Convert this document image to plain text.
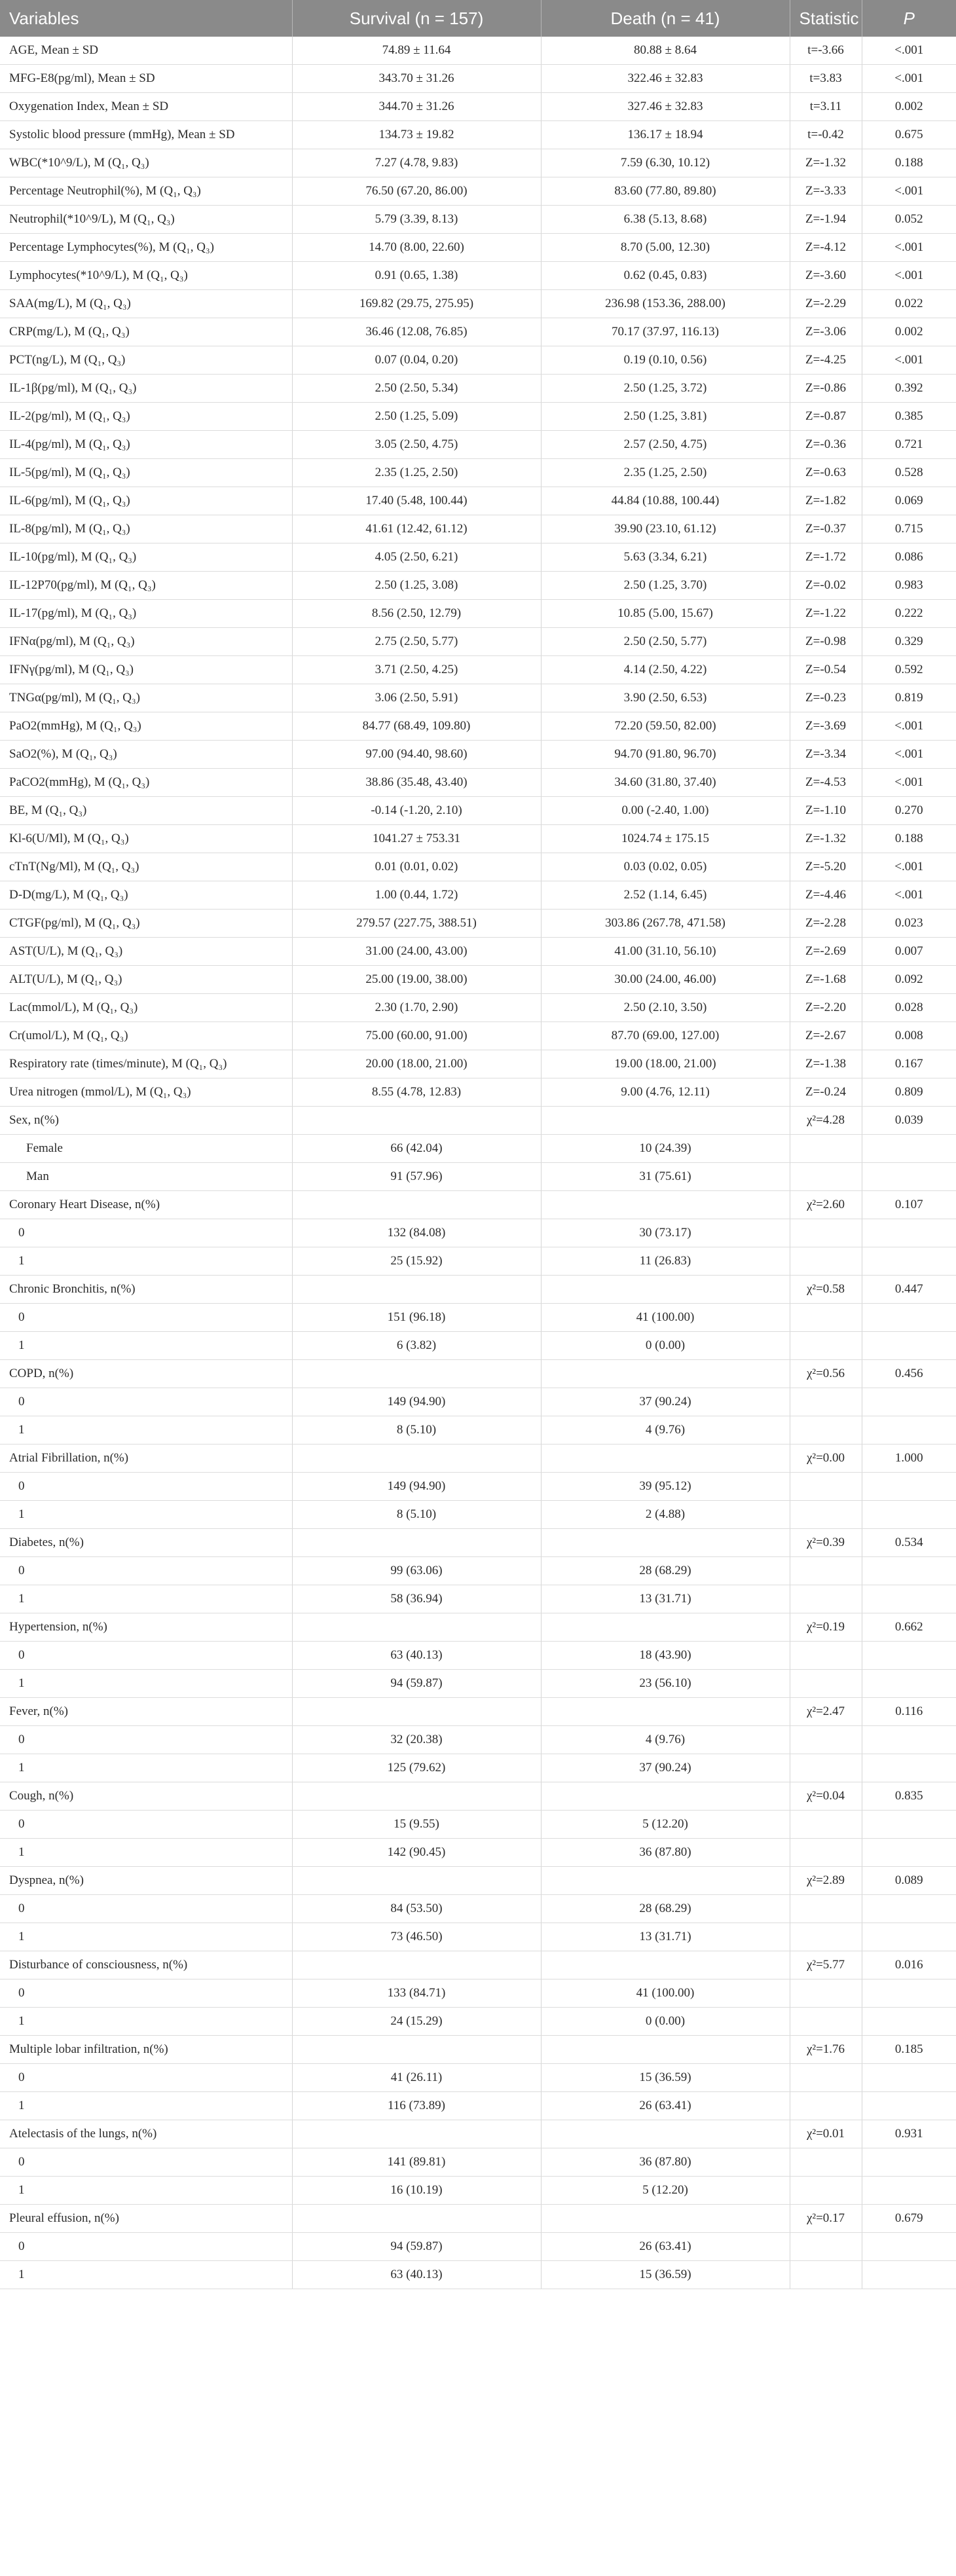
Variables	Survival (n = 157)	Death (n = 41)	Statistic	P
AGE, Mean ± SD	74.89 ± 11.64	80.88 ± 8.64	t=-3.66	<.001
MFG-E8(pg/ml), Mean ± SD	343.70 ± 31.26	322.46 ± 32.83	t=3.83	<.001
Oxygenation Index, Mean ± SD	344.70 ± 31.26	327.46 ± 32.83	t=3.11	0.002
Systolic blood pressure (mmHg), Mean ± SD	134.73 ± 19.82	136.17 ± 18.94	t=-0.42	0.675
WBC(*10^9/L), M (Q₁, Q₃)	7.27 (4.78, 9.83)	7.59 (6.30, 10.12)	Z=-1.32	0.188
Percentage Neutrophil(%), M (Q₁, Q₃)	76.50 (67.20, 86.00)	83.60 (77.80, 89.80)	Z=-3.33	<.001
Neutrophil(*10^9/L), M (Q₁, Q₃)	5.79 (3.39, 8.13)	6.38 (5.13, 8.68)	Z=-1.94	0.052
Percentage Lymphocytes(%), M (Q₁, Q₃)	14.70 (8.00, 22.60)	8.70 (5.00, 12.30)	Z=-4.12	<.001
Lymphocytes(*10^9/L), M (Q₁, Q₃)	0.91 (0.65, 1.38)	0.62 (0.45, 0.83)	Z=-3.60	<.001
SAA(mg/L), M (Q₁, Q₃)	169.82 (29.75, 275.95)	236.98 (153.36, 288.00)	Z=-2.29	0.022
CRP(mg/L), M (Q₁, Q₃)	36.46 (12.08, 76.85)	70.17 (37.97, 116.13)	Z=-3.06	0.002
PCT(ng/L), M (Q₁, Q₃)	0.07 (0.04, 0.20)	0.19 (0.10, 0.56)	Z=-4.25	<.001
IL-1β(pg/ml), M (Q₁, Q₃)	2.50 (2.50, 5.34)	2.50 (1.25, 3.72)	Z=-0.86	0.392
IL-2(pg/ml), M (Q₁, Q₃)	2.50 (1.25, 5.09)	2.50 (1.25, 3.81)	Z=-0.87	0.385
IL-4(pg/ml), M (Q₁, Q₃)	3.05 (2.50, 4.75)	2.57 (2.50, 4.75)	Z=-0.36	0.721
IL-5(pg/ml), M (Q₁, Q₃)	2.35 (1.25, 2.50)	2.35 (1.25, 2.50)	Z=-0.63	0.528
IL-6(pg/ml), M (Q₁, Q₃)	17.40 (5.48, 100.44)	44.84 (10.88, 100.44)	Z=-1.82	0.069
IL-8(pg/ml), M (Q₁, Q₃)	41.61 (12.42, 61.12)	39.90 (23.10, 61.12)	Z=-0.37	0.715
IL-10(pg/ml), M (Q₁, Q₃)	4.05 (2.50, 6.21)	5.63 (3.34, 6.21)	Z=-1.72	0.086
IL-12P70(pg/ml), M (Q₁, Q₃)	2.50 (1.25, 3.08)	2.50 (1.25, 3.70)	Z=-0.02	0.983
IL-17(pg/ml), M (Q₁, Q₃)	8.56 (2.50, 12.79)	10.85 (5.00, 15.67)	Z=-1.22	0.222
IFNα(pg/ml), M (Q₁, Q₃)	2.75 (2.50, 5.77)	2.50 (2.50, 5.77)	Z=-0.98	0.329
IFNγ(pg/ml), M (Q₁, Q₃)	3.71 (2.50, 4.25)	4.14 (2.50, 4.22)	Z=-0.54	0.592
TNGα(pg/ml), M (Q₁, Q₃)	3.06 (2.50, 5.91)	3.90 (2.50, 6.53)	Z=-0.23	0.819
PaO2(mmHg), M (Q₁, Q₃)	84.77 (68.49, 109.80)	72.20 (59.50, 82.00)	Z=-3.69	<.001
SaO2(%), M (Q₁, Q₃)	97.00 (94.40, 98.60)	94.70 (91.80, 96.70)	Z=-3.34	<.001
PaCO2(mmHg), M (Q₁, Q₃)	38.86 (35.48, 43.40)	34.60 (31.80, 37.40)	Z=-4.53	<.001
BE, M (Q₁, Q₃)	-0.14 (-1.20, 2.10)	0.00 (-2.40, 1.00)	Z=-1.10	0.270
Kl-6(U/Ml), M (Q₁, Q₃)	1041.27 ± 753.31	1024.74 ± 175.15	Z=-1.32	0.188
cTnT(Ng/Ml), M (Q₁, Q₃)	0.01 (0.01, 0.02)	0.03 (0.02, 0.05)	Z=-5.20	<.001
D-D(mg/L), M (Q₁, Q₃)	1.00 (0.44, 1.72)	2.52 (1.14, 6.45)	Z=-4.46	<.001
CTGF(pg/ml), M (Q₁, Q₃)	279.57 (227.75, 388.51)	303.86 (267.78, 471.58)	Z=-2.28	0.023
AST(U/L), M (Q₁, Q₃)	31.00 (24.00, 43.00)	41.00 (31.10, 56.10)	Z=-2.69	0.007
ALT(U/L), M (Q₁, Q₃)	25.00 (19.00, 38.00)	30.00 (24.00, 46.00)	Z=-1.68	0.092
Lac(mmol/L), M (Q₁, Q₃)	2.30 (1.70, 2.90)	2.50 (2.10, 3.50)	Z=-2.20	0.028
Cr(umol/L), M (Q₁, Q₃)	75.00 (60.00, 91.00)	87.70 (69.00, 127.00)	Z=-2.67	0.008
Respiratory rate (times/minute), M (Q₁, Q₃)	20.00 (18.00, 21.00)	19.00 (18.00, 21.00)	Z=-1.38	0.167
Urea nitrogen (mmol/L), M (Q₁, Q₃)	8.55 (4.78, 12.83)	9.00 (4.76, 12.11)	Z=-0.24	0.809
Sex, n(%)			χ²=4.28	0.039
Female	66 (42.04)	10 (24.39)		
Man	91 (57.96)	31 (75.61)		
Coronary Heart Disease, n(%)			χ²=2.60	0.107
0	132 (84.08)	30 (73.17)		
1	25 (15.92)	11 (26.83)		
Chronic Bronchitis, n(%)			χ²=0.58	0.447
0	151 (96.18)	41 (100.00)		
1	6 (3.82)	0 (0.00)		
COPD, n(%)			χ²=0.56	0.456
0	149 (94.90)	37 (90.24)		
1	8 (5.10)	4 (9.76)		
Atrial Fibrillation, n(%)			χ²=0.00	1.000
0	149 (94.90)	39 (95.12)		
1	8 (5.10)	2 (4.88)		
Diabetes, n(%)			χ²=0.39	0.534
0	99 (63.06)	28 (68.29)		
1	58 (36.94)	13 (31.71)		
Hypertension, n(%)			χ²=0.19	0.662
0	63 (40.13)	18 (43.90)		
1	94 (59.87)	23 (56.10)		
Fever, n(%)			χ²=2.47	0.116
0	32 (20.38)	4 (9.76)		
1	125 (79.62)	37 (90.24)		
Cough, n(%)			χ²=0.04	0.835
0	15 (9.55)	5 (12.20)		
1	142 (90.45)	36 (87.80)		
Dyspnea, n(%)			χ²=2.89	0.089
0	84 (53.50)	28 (68.29)		
1	73 (46.50)	13 (31.71)		
Disturbance of consciousness, n(%)			χ²=5.77	0.016
0	133 (84.71)	41 (100.00)		
1	24 (15.29)	0 (0.00)		
Multiple lobar infiltration, n(%)			χ²=1.76	0.185
0	41 (26.11)	15 (36.59)		
1	116 (73.89)	26 (63.41)		
Atelectasis of the lungs, n(%)			χ²=0.01	0.931
0	141 (89.81)	36 (87.80)		
1	16 (10.19)	5 (12.20)		
Pleural effusion, n(%)			χ²=0.17	0.679
0	94 (59.87)	26 (63.41)		
1	63 (40.13)	15 (36.59)		
